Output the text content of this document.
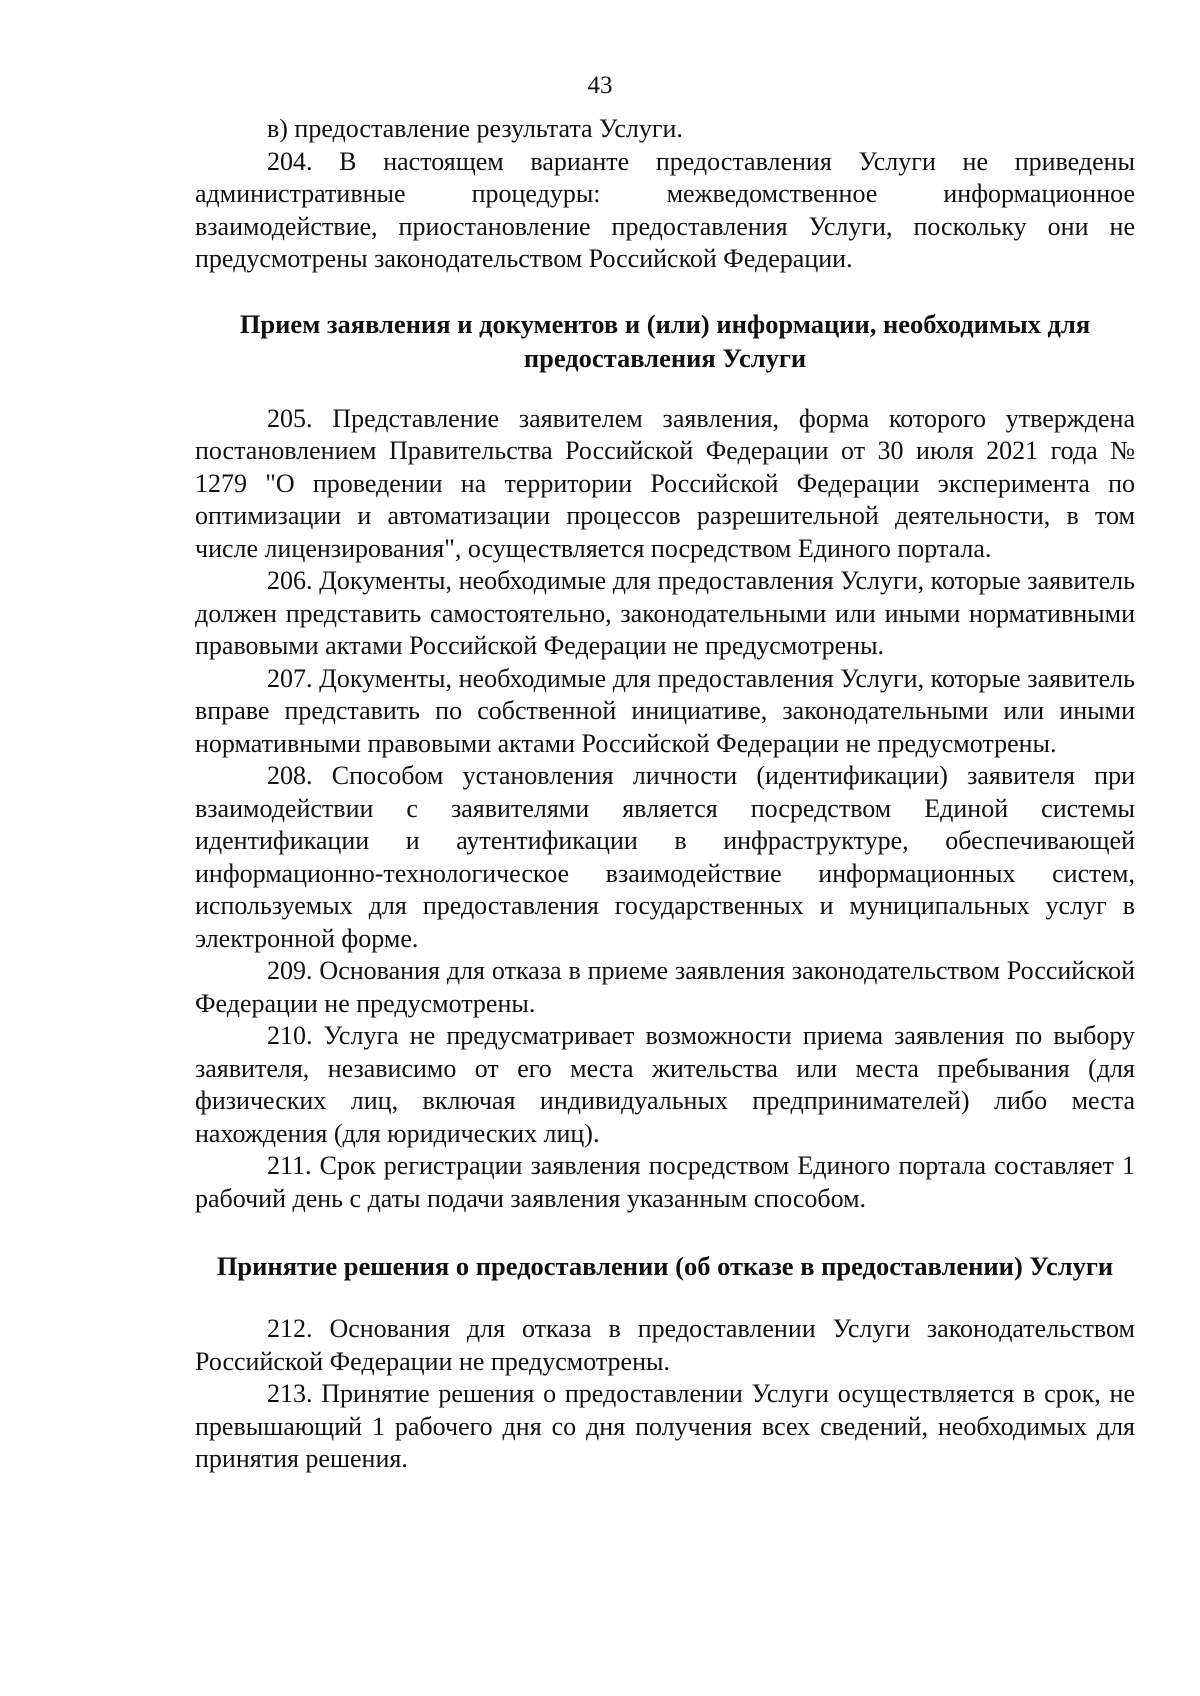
43

в) предоставление результата Услуги.

204. В настоящем варианте предоставления Услуги не приведены административные процедуры: межведомственное информационное взаимодействие, приостановление предоставления Услуги, поскольку они не предусмотрены законодательством Российской Федерации.

Прием заявления и документов и (или) информации, необходимых для предоставления Услуги

205. Представление заявителем заявления, форма которого утверждена постановлением Правительства Российской Федерации от 30 июля 2021 года № 1279 "О проведении на территории Российской Федерации эксперимента по оптимизации и автоматизации процессов разрешительной деятельности, в том числе лицензирования", осуществляется посредством Единого портала.

206. Документы, необходимые для предоставления Услуги, которые заявитель должен представить самостоятельно, законодательными или иными нормативными правовыми актами Российской Федерации не предусмотрены.

207. Документы, необходимые для предоставления Услуги, которые заявитель вправе представить по собственной инициативе, законодательными или иными нормативными правовыми актами Российской Федерации не предусмотрены.

208. Способом установления личности (идентификации) заявителя при взаимодействии с заявителями является посредством Единой системы идентификации и аутентификации в инфраструктуре, обеспечивающей информационно-технологическое взаимодействие информационных систем, используемых для предоставления государственных и муниципальных услуг в электронной форме.

209. Основания для отказа в приеме заявления законодательством Российской Федерации не предусмотрены.

210. Услуга не предусматривает возможности приема заявления по выбору заявителя, независимо от его места жительства или места пребывания (для физических лиц, включая индивидуальных предпринимателей) либо места нахождения (для юридических лиц).

211. Срок регистрации заявления посредством Единого портала составляет 1 рабочий день с даты подачи заявления указанным способом.

Принятие решения о предоставлении (об отказе в предоставлении) Услуги

212. Основания для отказа в предоставлении Услуги законодательством Российской Федерации не предусмотрены.

213. Принятие решения о предоставлении Услуги осуществляется в срок, не превышающий 1 рабочего дня со дня получения всех сведений, необходимых для принятия решения.
